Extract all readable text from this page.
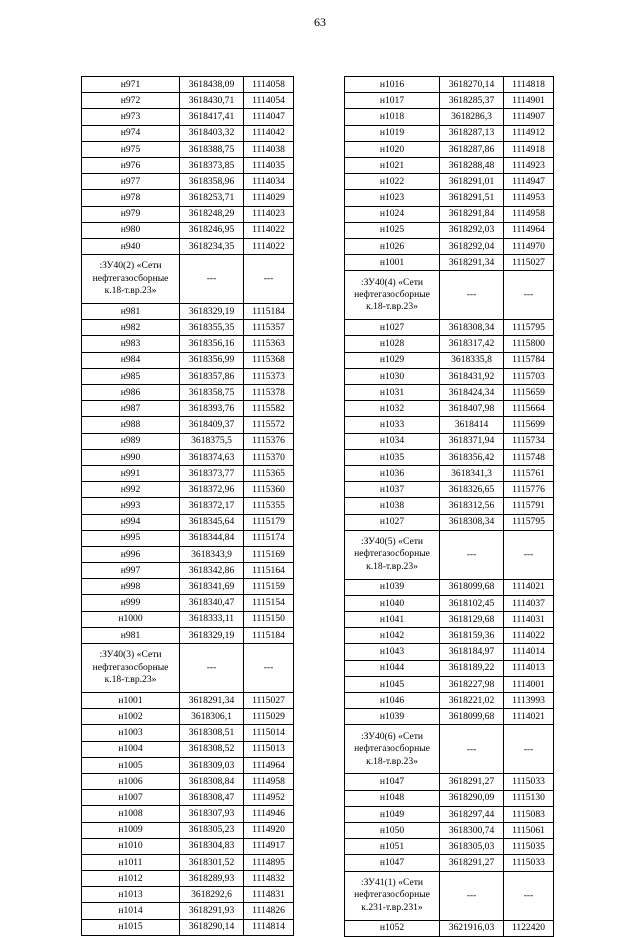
63
н971	3618438,09	1114058
н972	3618430,71	1114054
н973	3618417,41	1114047
н974	3618403,32	1114042
н975	3618388,75	1114038
н976	3618373,85	1114035
н977	3618358,96	1114034
н978	3618253,71	1114029
н979	3618248,29	1114023
н980	3618246,95	1114022
н940	3618234,35	1114022
:ЗУ40(2) «Сети нефтегазосборные к.18-т.вр.23»	---	---
н981	3618329,19	1115184
н982	3618355,35	1115357
н983	3618356,16	1115363
н984	3618356,99	1115368
н985	3618357,86	1115373
н986	3618358,75	1115378
н987	3618393,76	1115582
н988	3618409,37	1115572
н989	3618375,5	1115376
н990	3618374,63	1115370
н991	3618373,77	1115365
н992	3618372,96	1115360
н993	3618372,17	1115355
н994	3618345,64	1115179
н995	3618344,84	1115174
н996	3618343,9	1115169
н997	3618342,86	1115164
н998	3618341,69	1115159
н999	3618340,47	1115154
н1000	3618333,11	1115150
н981	3618329,19	1115184
:ЗУ40(3) «Сети нефтегазосборные к.18-т.вр.23»	---	---
н1001	3618291,34	1115027
н1002	3618306,1	1115029
н1003	3618308,51	1115014
н1004	3618308,52	1115013
н1005	3618309,03	1114964
н1006	3618308,84	1114958
н1007	3618308,47	1114952
н1008	3618307,93	1114946
н1009	3618305,23	1114920
н1010	3618304,83	1114917
н1011	3618301,52	1114895
н1012	3618289,93	1114832
н1013	3618292,6	1114831
н1014	3618291,93	1114826
н1015	3618290,14	1114814
н1016	3618270,14	1114818
н1017	3618285,37	1114901
н1018	3618286,3	1114907
н1019	3618287,13	1114912
н1020	3618287,86	1114918
н1021	3618288,48	1114923
н1022	3618291,01	1114947
н1023	3618291,51	1114953
н1024	3618291,84	1114958
н1025	3618292,03	1114964
н1026	3618292,04	1114970
н1001	3618291,34	1115027
:ЗУ40(4) «Сети нефтегазосборные к.18-т.вр.23»	---	---
н1027	3618308,34	1115795
н1028	3618317,42	1115800
н1029	3618335,8	1115784
н1030	3618431,92	1115703
н1031	3618424,34	1115659
н1032	3618407,98	1115664
н1033	3618414	1115699
н1034	3618371,94	1115734
н1035	3618356,42	1115748
н1036	3618341,3	1115761
н1037	3618326,65	1115776
н1038	3618312,56	1115791
н1027	3618308,34	1115795
:ЗУ40(5) «Сети нефтегазосборные к.18-т.вр.23»	---	---
н1039	3618099,68	1114021
н1040	3618102,45	1114037
н1041	3618129,68	1114031
н1042	3618159,36	1114022
н1043	3618184,97	1114014
н1044	3618189,22	1114013
н1045	3618227,98	1114001
н1046	3618221,02	1113993
н1039	3618099,68	1114021
:ЗУ40(6) «Сети нефтегазосборные к.18-т.вр.23»	---	---
н1047	3618291,27	1115033
н1048	3618290,09	1115130
н1049	3618297,44	1115083
н1050	3618300,74	1115061
н1051	3618305,03	1115035
н1047	3618291,27	1115033
:ЗУ41(1) «Сети нефтегазосборные к.231-т.вр.231»	---	---
н1052	3621916,03	1122420
